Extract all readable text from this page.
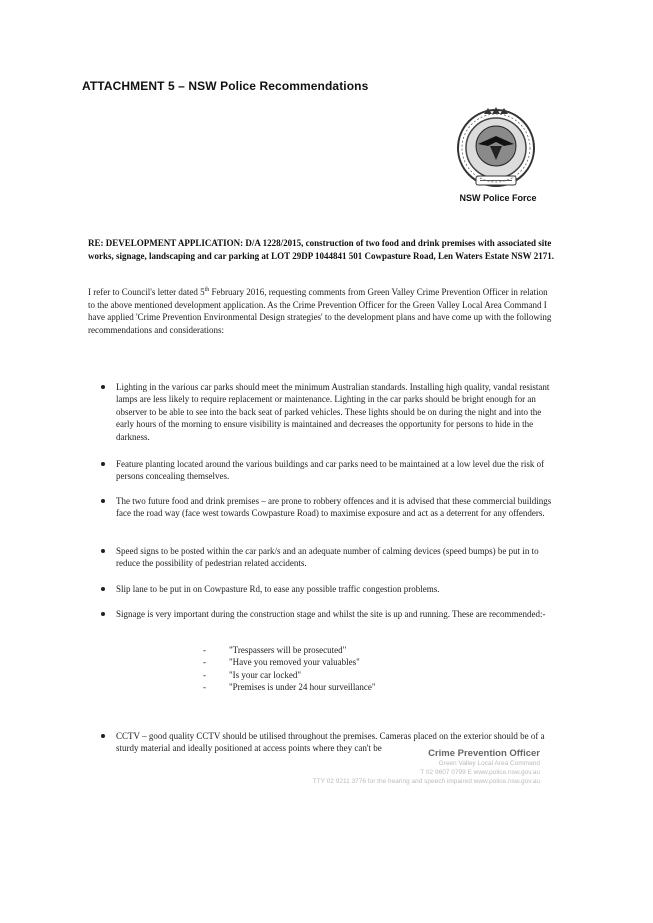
ATTACHMENT 5 – NSW Police Recommendations
NSW Police Force
RE: DEVELOPMENT APPLICATION: D/A 1228/2015, construction of two food and drink premises with associated site works, signage, landscaping and car parking at LOT 29DP 1044841 501 Cowpasture Road, Len Waters Estate NSW 2171.
I refer to Council's letter dated 5th February 2016, requesting comments from Green Valley Crime Prevention Officer in relation to the above mentioned development application. As the Crime Prevention Officer for the Green Valley Local Area Command I have applied 'Crime Prevention Environmental Design strategies' to the development plans and have come up with the following recommendations and considerations:
Lighting in the various car parks should meet the minimum Australian standards. Installing high quality, vandal resistant lamps are less likely to require replacement or maintenance. Lighting in the car parks should be bright enough for an observer to be able to see into the back seat of parked vehicles. These lights should be on during the night and into the early hours of the morning to ensure visibility is maintained and decreases the opportunity for persons to hide in the darkness.
Feature planting located around the various buildings and car parks need to be maintained at a low level due the risk of persons concealing themselves.
The two future food and drink premises – are prone to robbery offences and it is advised that these commercial buildings face the road way (face west towards Cowpasture Road) to maximise exposure and act as a deterrent for any offenders.
Speed signs to be posted within the car park/s and an adequate number of calming devices (speed bumps) be put in to reduce the possibility of pedestrian related accidents.
Slip lane to be put in on Cowpasture Rd, to ease any possible traffic congestion problems.
Signage is very important during the construction stage and whilst the site is up and running. These are recommended:-
CCTV – good quality CCTV should be utilised throughout the premises. Cameras placed on the exterior should be of a sturdy material and ideally positioned at access points where they can't be
-	"Trespassers will be prosecuted"
-	"Have you removed your valuables"
-	"Is your car locked"
-	"Premises is under 24 hour surveillance"
Crime Prevention Officer
Green Valley Local Area Command
T 02 9607 0799 E www.police.nsw.gov.au
TTY 02 9211 3776 for the hearing and speech impaired www.police.nsw.gov.au
